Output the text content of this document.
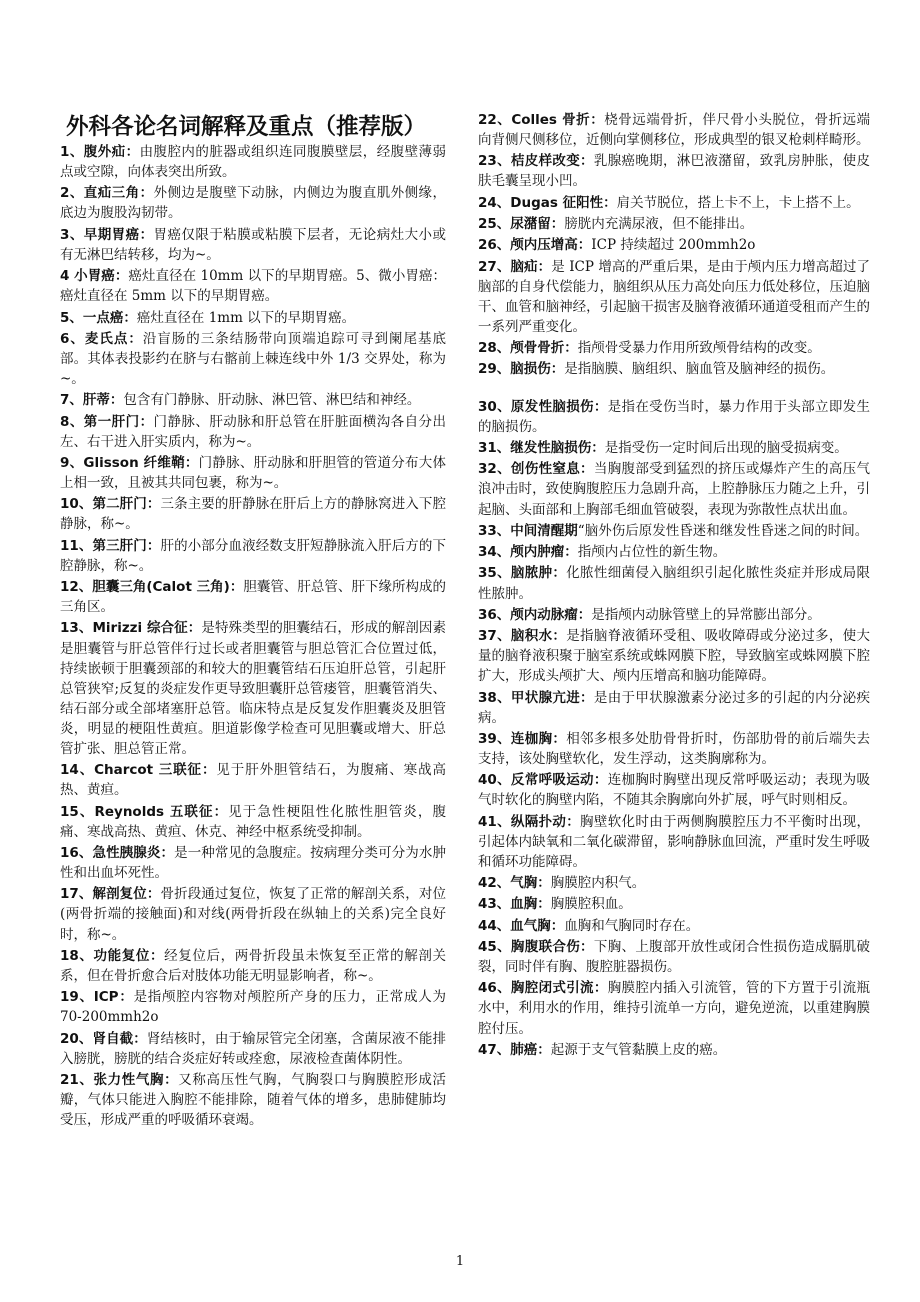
外科各论名词解释及重点（推荐版）
1、腹外疝：由腹腔内的脏器或组织连同腹膜壁层，经腹壁薄弱点或空隙，向体表突出所致。
2、直疝三角：外侧边是腹壁下动脉，内侧边为腹直肌外侧缘，底边为腹股沟韧带。
3、早期胃癌：胃癌仅限于粘膜或粘膜下层者，无论病灶大小或有无淋巴结转移，均为~。
4 小胃癌：癌灶直径在 10mm 以下的早期胃癌。5、微小胃癌：癌灶直径在 5mm 以下的早期胃癌。
5、一点癌：癌灶直径在 1mm 以下的早期胃癌。
6、麦氏点：沿盲肠的三条结肠带向顶端追踪可寻到阑尾基底部。其体表投影约在脐与右髂前上棘连线中外 1/3 交界处，称为~。
7、肝蒂：包含有门静脉、肝动脉、淋巴管、淋巴结和神经。
8、第一肝门：门静脉、肝动脉和肝总管在肝脏面横沟各自分出左、右干进入肝实质内，称为~。
9、Glisson 纤维鞘：门静脉、肝动脉和肝胆管的管道分布大体上相一致，且被其共同包裹，称为~。
10、第二肝门：三条主要的肝静脉在肝后上方的静脉窝进入下腔静脉，称~。
11、第三肝门：肝的小部分血液经数支肝短静脉流入肝后方的下腔静脉，称~。
12、胆囊三角(Calot 三角)：胆囊管、肝总管、肝下缘所构成的三角区。
13、Mirizzi 综合征：是特殊类型的胆囊结石，形成的解剖因素是胆囊管与肝总管伴行过长或者胆囊管与胆总管汇合位置过低，持续嵌顿于胆囊颈部的和较大的胆囊管结石压迫肝总管，引起肝总管狭窄;反复的炎症发作更导致胆囊肝总管瘘管，胆囊管消失、结石部分或全部堵塞肝总管。临床特点是反复发作胆囊炎及胆管炎，明显的梗阻性黄疸。胆道影像学检查可见胆囊或增大、肝总管扩张、胆总管正常。
14、Charcot 三联征：见于肝外胆管结石，为腹痛、寒战高热、黄疸。
15、Reynolds 五联征：见于急性梗阻性化脓性胆管炎，腹痛、寒战高热、黄疸、休克、神经中枢系统受抑制。
16、急性胰腺炎：是一种常见的急腹症。按病理分类可分为水肿性和出血坏死性。
17、解剖复位：骨折段通过复位，恢复了正常的解剖关系，对位(两骨折端的接触面)和对线(两骨折段在纵轴上的关系)完全良好时，称~。
18、功能复位：经复位后，两骨折段虽未恢复至正常的解剖关系，但在骨折愈合后对肢体功能无明显影响者，称~。
19、ICP：是指颅腔内容物对颅腔所产身的压力，正常成人为 70-200mmh2o
20、肾自截：肾结核时，由于输尿管完全闭塞，含菌尿液不能排入膀胱，膀胱的结合炎症好转或痊愈，尿液检查菌体阴性。
21、张力性气胸：又称高压性气胸，气胸裂口与胸膜腔形成活瓣，气体只能进入胸腔不能排除，随着气体的增多，患肺健肺均受压，形成严重的呼吸循环衰竭。
22、Colles 骨折：桡骨远端骨折，伴尺骨小头脱位，骨折远端向背侧尺侧移位，近侧向掌侧移位，形成典型的银叉枪刺样畸形。
23、桔皮样改变：乳腺癌晚期，淋巴液潴留，致乳房肿胀，使皮肤毛囊呈现小凹。
24、Dugas 征阳性：肩关节脱位，搭上卡不上，卡上搭不上。
25、尿潴留：膀胱内充满尿液，但不能排出。
26、颅内压增高：ICP 持续超过 200mmh2o
27、脑疝：是 ICP 增高的严重后果，是由于颅内压力增高超过了脑部的自身代偿能力，脑组织从压力高处向压力低处移位，压迫脑干、血管和脑神经，引起脑干损害及脑脊液循环通道受租而产生的一系列严重变化。
28、颅骨骨折：指颅骨受暴力作用所致颅骨结构的改变。
29、脑损伤：是指脑膜、脑组织、脑血管及脑神经的损伤。
30、原发性脑损伤：是指在受伤当时，暴力作用于头部立即发生的脑损伤。
31、继发性脑损伤：是指受伤一定时间后出现的脑受损病变。
32、创伤性窒息：当胸腹部受到猛烈的挤压或爆炸产生的高压气浪冲击时，致使胸腹腔压力急剧升高，上腔静脉压力随之上升，引起脑、头面部和上胸部毛细血管破裂，表现为弥散性点状出血。
33、中间清醒期“脑外伤后原发性昏迷和继发性昏迷之间的时间。
34、颅内肿瘤：指颅内占位性的新生物。
35、脑脓肿：化脓性细菌侵入脑组织引起化脓性炎症并形成局限性脓肿。
36、颅内动脉瘤：是指颅内动脉管壁上的异常膨出部分。
37、脑积水：是指脑脊液循环受租、吸收障碍或分泌过多，使大量的脑脊液积聚于脑室系统或蛛网膜下腔，导致脑室或蛛网膜下腔扩大，形成头颅扩大、颅内压增高和脑功能障碍。
38、甲状腺亢进：是由于甲状腺激素分泌过多的引起的内分泌疾病。
39、连枷胸：相邻多根多处肋骨骨折时，伤部肋骨的前后端失去支持，该处胸壁软化，发生浮动，这类胸廓称为。
40、反常呼吸运动：连枷胸时胸壁出现反常呼吸运动；表现为吸气时软化的胸壁内陷，不随其余胸廓向外扩展，呼气时则相反。
41、纵隔扑动：胸壁软化时由于两侧胸膜腔压力不平衡时出现，引起体内缺氧和二氧化碳滞留，影响静脉血回流，严重时发生呼吸和循环功能障碍。
42、气胸：胸膜腔内积气。
43、血胸：胸膜腔积血。
44、血气胸：血胸和气胸同时存在。
45、胸腹联合伤：下胸、上腹部开放性或闭合性损伤造成膈肌破裂，同时伴有胸、腹腔脏器损伤。
46、胸腔闭式引流：胸膜腔内插入引流管，管的下方置于引流瓶水中，利用水的作用，维持引流单一方向，避免逆流，以重建胸膜腔付压。
47、肺癌：起源于支气管黏膜上皮的癌。
1
